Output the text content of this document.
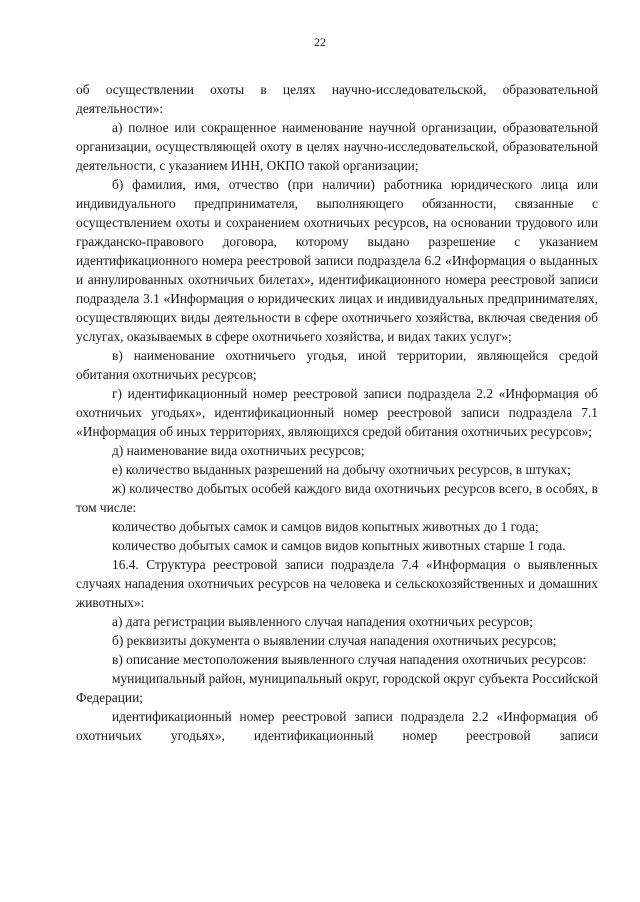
22

об осуществлении охоты в целях научно-исследовательской, образовательной деятельности»:

а) полное или сокращенное наименование научной организации, образовательной организации, осуществляющей охоту в целях научно-исследовательской, образовательной деятельности, с указанием ИНН, ОКПО такой организации;

б) фамилия, имя, отчество (при наличии) работника юридического лица или индивидуального предпринимателя, выполняющего обязанности, связанные с осуществлением охоты и сохранением охотничьих ресурсов, на основании трудового или гражданско-правового договора, которому выдано разрешение с указанием идентификационного номера реестровой записи подраздела 6.2 «Информация о выданных и аннулированных охотничьих билетах», идентификационного номера реестровой записи подраздела 3.1 «Информация о юридических лицах и индивидуальных предпринимателях, осуществляющих виды деятельности в сфере охотничьего хозяйства, включая сведения об услугах, оказываемых в сфере охотничьего хозяйства, и видах таких услуг»;

в) наименование охотничьего угодья, иной территории, являющейся средой обитания охотничьих ресурсов;

г) идентификационный номер реестровой записи подраздела 2.2 «Информация об охотничьих угодьях», идентификационный номер реестровой записи подраздела 7.1 «Информация об иных территориях, являющихся средой обитания охотничьих ресурсов»;

д) наименование вида охотничьих ресурсов;

е) количество выданных разрешений на добычу охотничьих ресурсов, в штуках;

ж) количество добытых особей каждого вида охотничьих ресурсов всего, в особях, в том числе:

количество добытых самок и самцов видов копытных животных до 1 года;

количество добытых самок и самцов видов копытных животных старше 1 года.

16.4. Структура реестровой записи подраздела 7.4 «Информация о выявленных случаях нападения охотничьих ресурсов на человека и сельскохозяйственных и домашних животных»:

а) дата регистрации выявленного случая нападения охотничьих ресурсов;

б) реквизиты документа о выявлении случая нападения охотничьих ресурсов;

в) описание местоположения выявленного случая нападения охотничьих ресурсов:

муниципальный район, муниципальный округ, городской округ субъекта Российской Федерации;

идентификационный номер реестровой записи подраздела 2.2 «Информация об охотничьих угодьях», идентификационный номер реестровой записи
